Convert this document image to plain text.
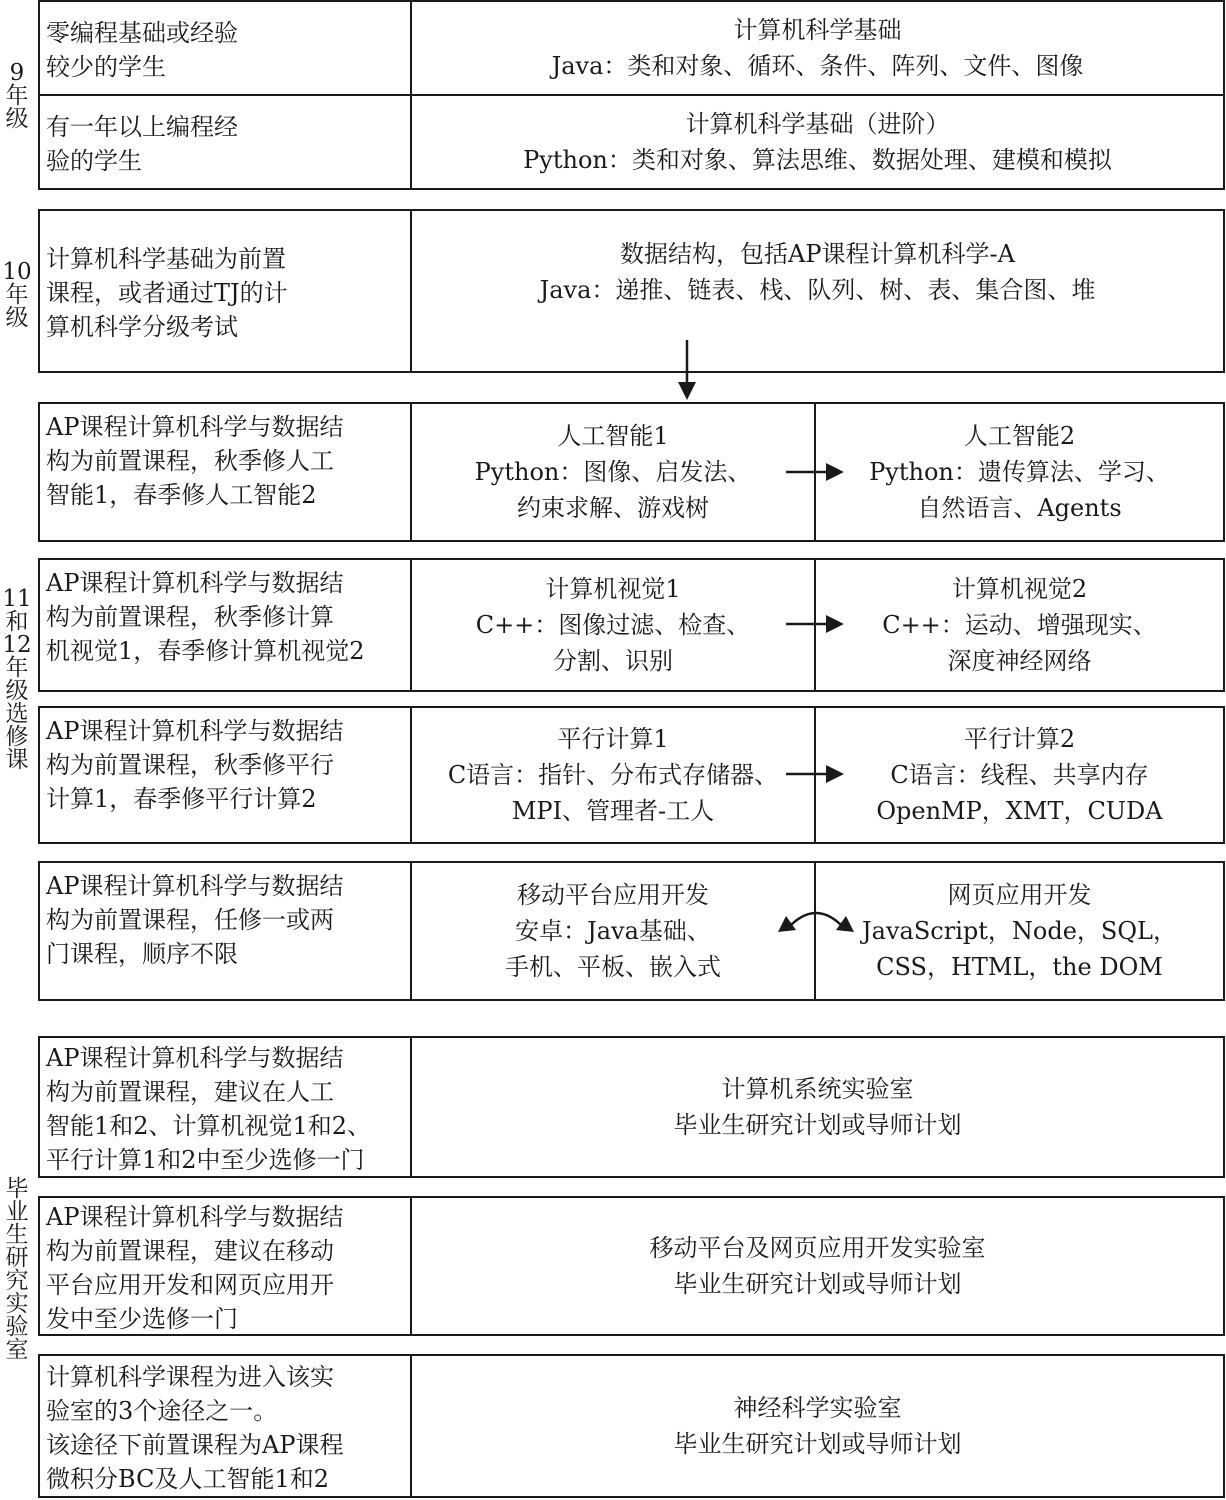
9
年
级
10
年
级
11
和
12
年
级
选
修
课
毕
业
生
研
究
实
验
室
零编程基础或经验
较少的学生
计算机科学基础
Java：类和对象、循环、条件、阵列、文件、图像
有一年以上编程经
验的学生
计算机科学基础（进阶）
Python：类和对象、算法思维、数据处理、建模和模拟
计算机科学基础为前置
课程，或者通过TJ的计
算机科学分级考试
数据结构，包括AP课程计算机科学-A
Java：递推、链表、栈、队列、树、表、集合图、堆
AP课程计算机科学与数据结
构为前置课程，秋季修人工
智能1，春季修人工智能2
人工智能1
Python：图像、启发法、
约束求解、游戏树
人工智能2
Python：遗传算法、学习、
自然语言、Agents
AP课程计算机科学与数据结
构为前置课程，秋季修计算
机视觉1，春季修计算机视觉2
计算机视觉1
C++：图像过滤、检查、
分割、识别
计算机视觉2
C++：运动、增强现实、
深度神经网络
AP课程计算机科学与数据结
构为前置课程，秋季修平行
计算1，春季修平行计算2
平行计算1
C语言：指针、分布式存储器、
MPI、管理者-工人
平行计算2
C语言：线程、共享内存
OpenMP，XMT，CUDA
AP课程计算机科学与数据结
构为前置课程，任修一或两
门课程，顺序不限
移动平台应用开发
安卓：Java基础、
手机、平板、嵌入式
网页应用开发
JavaScript，Node，SQL，
CSS，HTML，the DOM
AP课程计算机科学与数据结
构为前置课程，建议在人工
智能1和2、计算机视觉1和2、
平行计算1和2中至少选修一门
计算机系统实验室
毕业生研究计划或导师计划
AP课程计算机科学与数据结
构为前置课程，建议在移动
平台应用开发和网页应用开
发中至少选修一门
移动平台及网页应用开发实验室
毕业生研究计划或导师计划
计算机科学课程为进入该实
验室的3个途径之一。
该途径下前置课程为AP课程
微积分BC及人工智能1和2
神经科学实验室
毕业生研究计划或导师计划
